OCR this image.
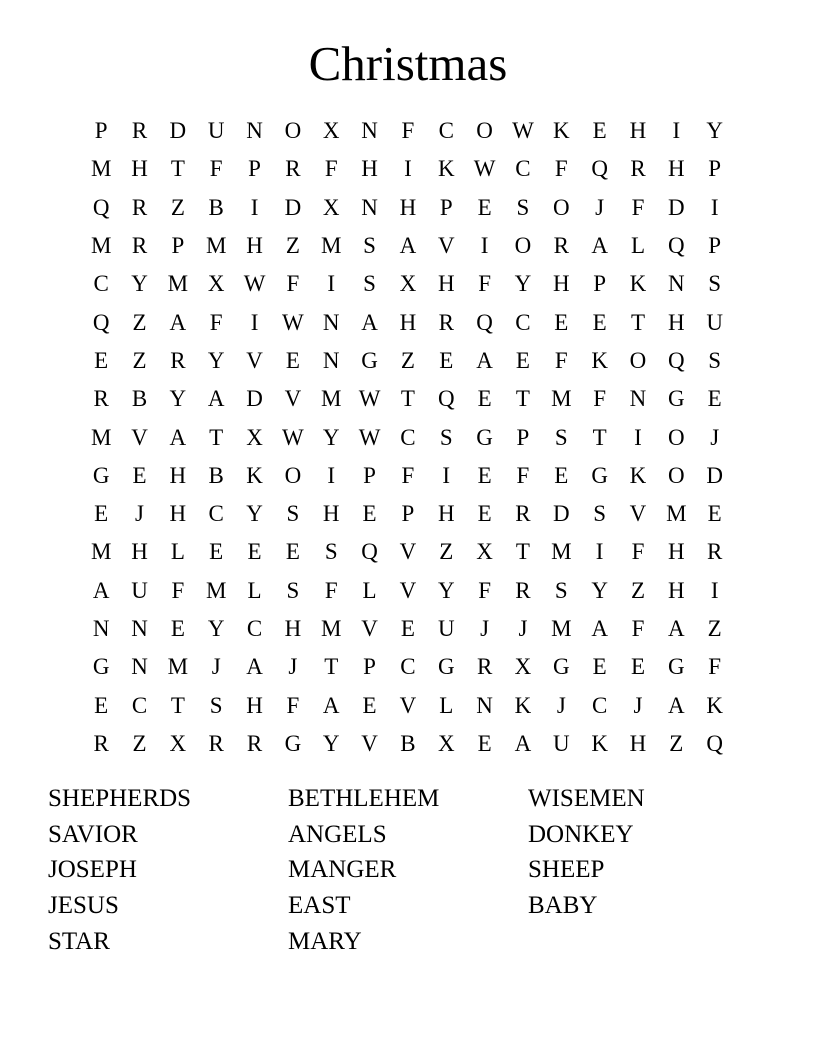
Christmas
P	R D U N O X N	F	C O W K	E	H	I	Y
M H	T	F	P	R	F	H	I	K W C	F	Q R H	P
Q R	Z	B	I	D X N H	P	E	S	O	J	F	D	I
M R	P M H	Z M S	A V	I	O R A	L	Q	P
C Y M X W F	I	S	X H	F	Y H	P	K N	S
Q	Z	A	F	I	W N A H R Q C	E	E	T	H U
E	Z	R Y V	E	N G	Z	E	A	E	F	K O Q	S
R	B Y A D V M W T	Q	E	T M F	N G	E
M V A	T	X W Y W C	S	G	P	S	T	I	O	J
G	E	H B K O	I	P	F	I	E	F	E	G K O D
E	J	H C Y	S	H	E	P	H	E	R D	S	V M E
M H	L	E	E	E	S	Q V	Z	X	T M	I	F	H R
A U	F M L	S	F	L	V Y	F	R	S	Y	Z	H	I
N N	E	Y C H M V	E	U	J	J	M A	F	A	Z
G N M	J	A	J	T	P	C G R X G	E	E	G	F
E	C	T	S	H	F	A	E	V	L	N K	J	C	J	A K
R	Z	X R	R G Y V B X	E	A U K H	Z	Q
SHEPHERDS	BETHLEHEM	WISEMEN
SAVIOR	ANGELS	DONKEY
JOSEPH	MANGER	SHEEP
JESUS	EAST	BABY
STAR	MARY
